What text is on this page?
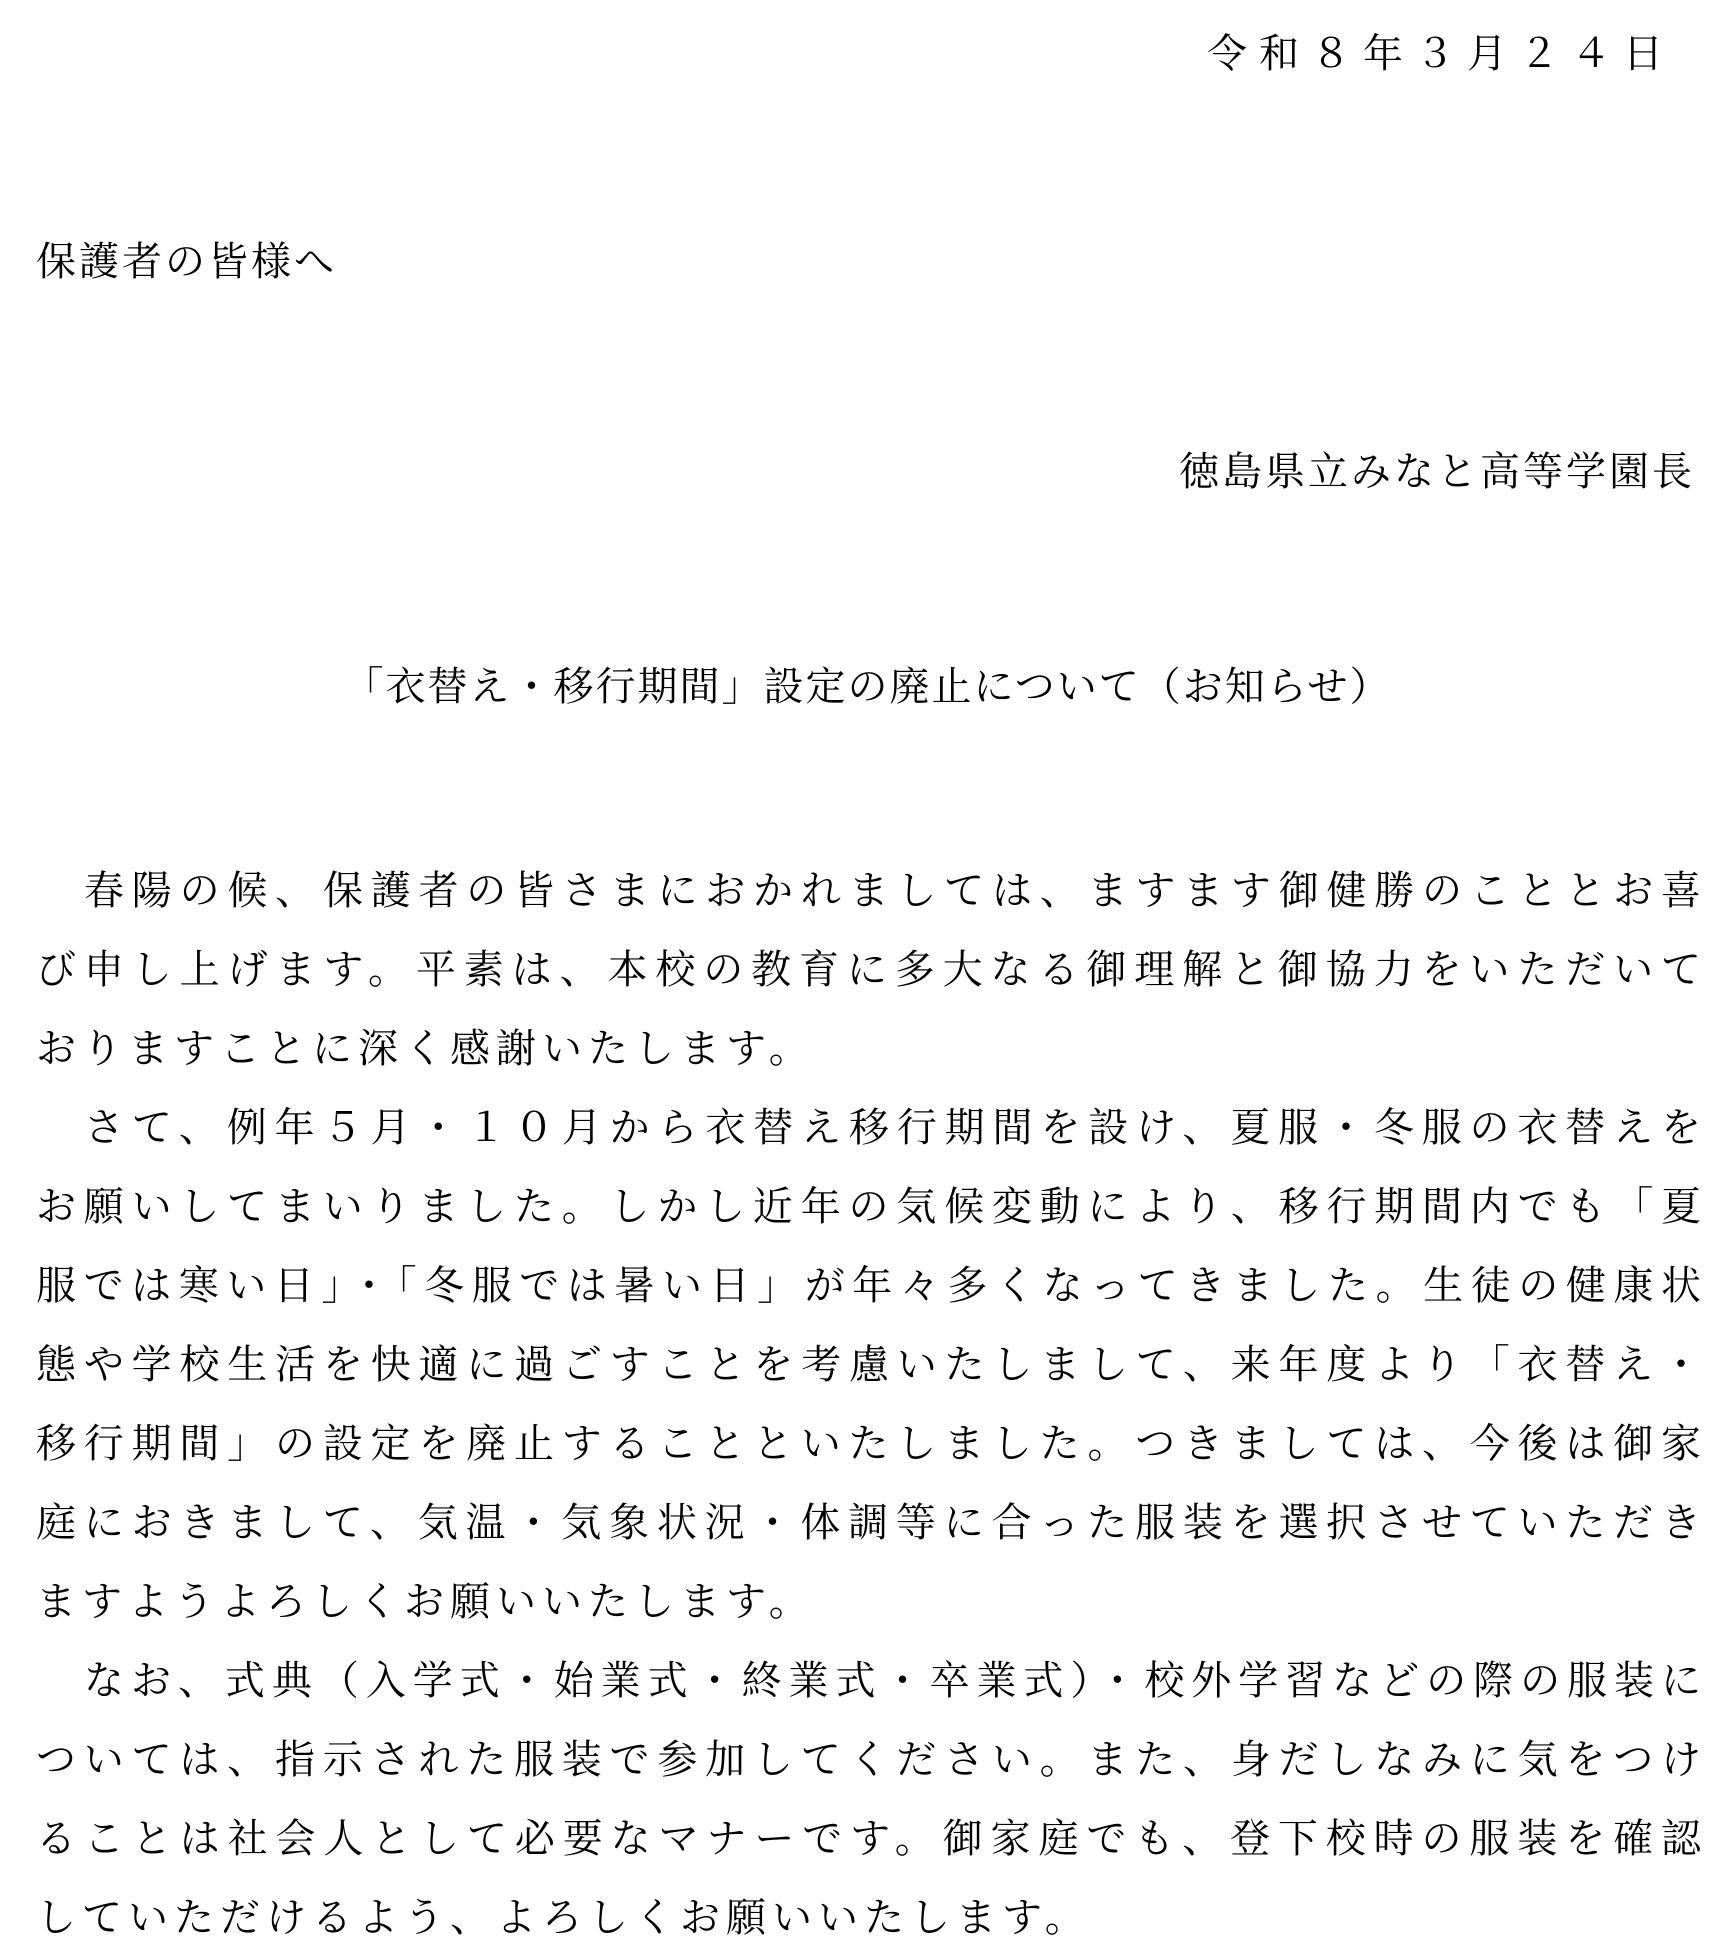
令和８年３月２４日
保護者の皆様へ
徳島県立みなと高等学園長
「衣替え・移行期間」設定の廃止について（お知らせ）
春陽の候、保護者の皆さまにおかれましては、ますます御健勝のこととお喜
び申し上げます。平素は、本校の教育に多大なる御理解と御協力をいただいて
おりますことに深く感謝いたします。
さて、例年５月・１０月から衣替え移行期間を設け、夏服・冬服の衣替えを
お願いしてまいりました。しかし近年の気候変動により、移行期間内でも「夏
服では寒い日」・「冬服では暑い日」が年々多くなってきました。生徒の健康状
態や学校生活を快適に過ごすことを考慮いたしまして、来年度より「衣替え・
移行期間」の設定を廃止することといたしました。つきましては、今後は御家
庭におきまして、気温・気象状況・体調等に合った服装を選択させていただき
ますようよろしくお願いいたします。
なお、式典（入学式・始業式・終業式・卒業式）・校外学習などの際の服装に
ついては、指示された服装で参加してください。また、身だしなみに気をつけ
ることは社会人として必要なマナーです。御家庭でも、登下校時の服装を確認
していただけるよう、よろしくお願いいたします。
